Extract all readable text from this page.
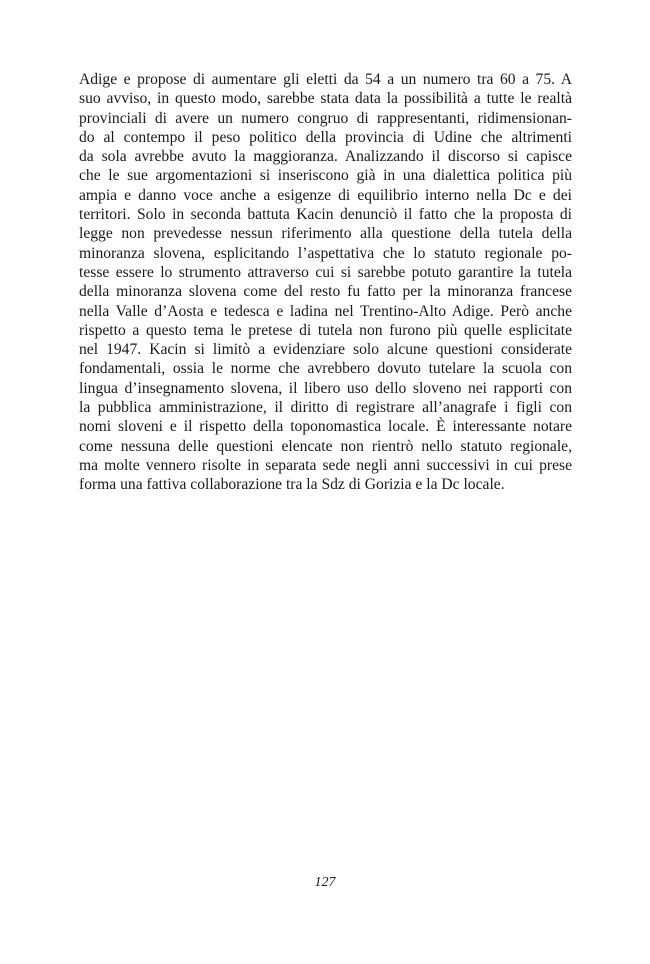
Adige e propose di aumentare gli eletti da 54 a un numero tra 60 a 75. A
suo avviso, in questo modo, sarebbe stata data la possibilità a tutte le realtà
provinciali di avere un numero congruo di rappresentanti, ridimensionan-
do al contempo il peso politico della provincia di Udine che altrimenti
da sola avrebbe avuto la maggioranza. Analizzando il discorso si capisce
che le sue argomentazioni si inseriscono già in una dialettica politica più
ampia e danno voce anche a esigenze di equilibrio interno nella Dc e dei
territori. Solo in seconda battuta Kacin denunciò il fatto che la proposta di
legge non prevedesse nessun riferimento alla questione della tutela della
minoranza slovena, esplicitando l’aspettativa che lo statuto regionale po-
tesse essere lo strumento attraverso cui si sarebbe potuto garantire la tutela
della minoranza slovena come del resto fu fatto per la minoranza francese
nella Valle d’Aosta e tedesca e ladina nel Trentino-Alto Adige. Però anche
rispetto a questo tema le pretese di tutela non furono più quelle esplicitate
nel 1947. Kacin si limitò a evidenziare solo alcune questioni considerate
fondamentali, ossia le norme che avrebbero dovuto tutelare la scuola con
lingua d’insegnamento slovena, il libero uso dello sloveno nei rapporti con
la pubblica amministrazione, il diritto di registrare all’anagrafe i figli con
nomi sloveni e il rispetto della toponomastica locale. È interessante notare
come nessuna delle questioni elencate non rientrò nello statuto regionale,
ma molte vennero risolte in separata sede negli anni successivi in cui prese
forma una fattiva collaborazione tra la Sdz di Gorizia e la Dc locale.
127
